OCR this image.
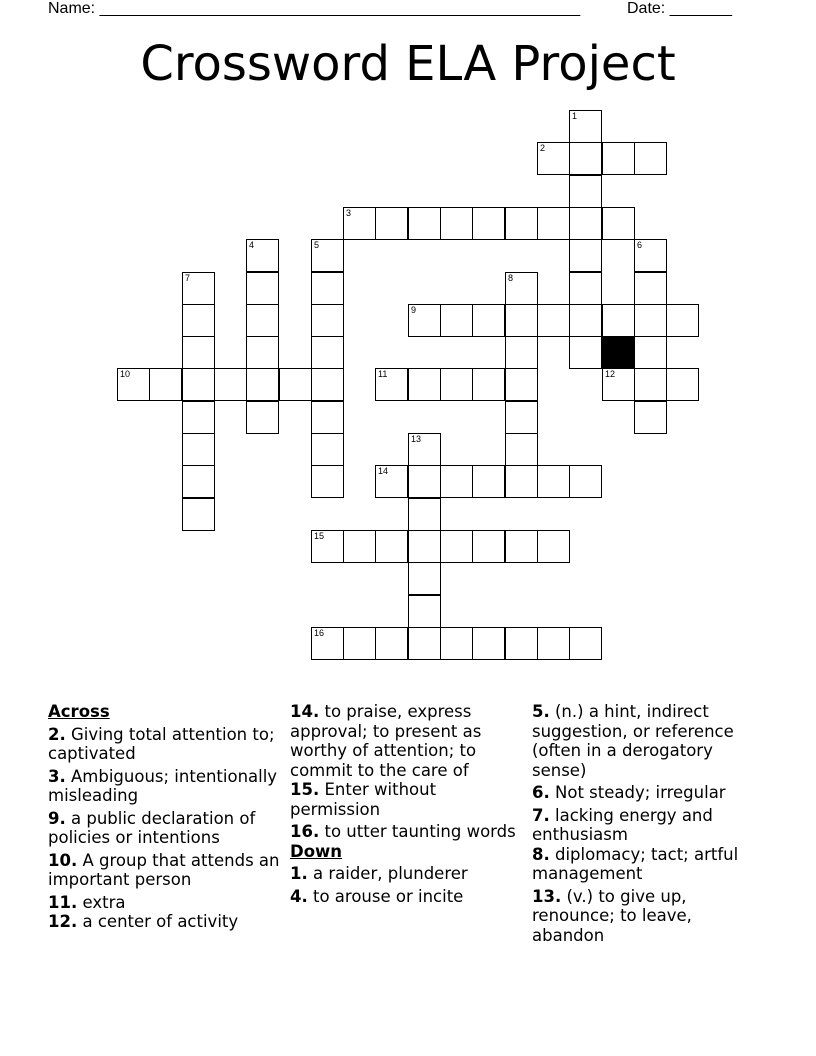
Name: ______________________________________________________	Date: _______
Crossword ELA Project
1
2
3
4	5	6
7	8
9
10	11	12
13
14
15
16
Across
2. Giving total attention to; captivated
3. Ambiguous; intentionally misleading
9. a public declaration of policies or intentions
10. A group that attends an important person
11. extra
12. a center of activity
14. to praise, express approval; to present as worthy of attention; to commit to the care of
15. Enter without permission
16. to utter taunting words
Down
1. a raider, plunderer
4. to arouse or incite
5. (n.) a hint, indirect suggestion, or reference (often in a derogatory sense)
6. Not steady; irregular
7. lacking energy and enthusiasm
8. diplomacy; tact; artful management
13. (v.) to give up, renounce; to leave, abandon
